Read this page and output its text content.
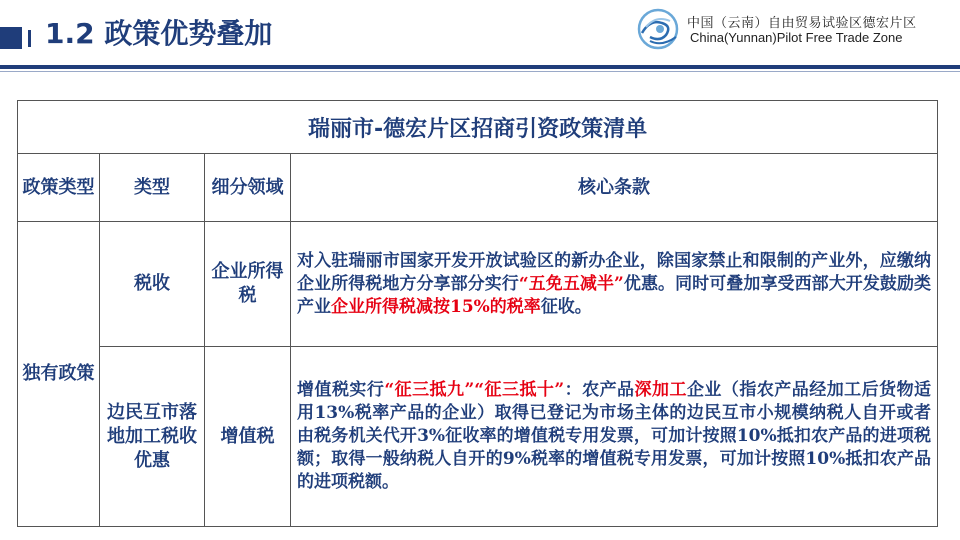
1.2 政策优势叠加	中国（云南）自由贸易试验区德宏片区
China(Yunnan)Pilot Free Trade Zone
瑞丽市-德宏片区招商引资政策清单			
政策类型	类型	细分领域	核心条款
独有政策	税收	企业所得税	对入驻瑞丽市国家开发开放试验区的新办企业，除国家禁止和限制的产业外，应缴纳企业所得税地方分享部分实行“五免五减半”优惠。同时可叠加享受西部大开发鼓励类产业企业所得税减按15%的税率征收。
	边民互市落地加工税收优惠	增值税	增值税实行“征三抵九”“征三抵十”：农产品深加工企业（指农产品经加工后货物适用13%税率产品的企业）取得已登记为市场主体的边民互市小规模纳税人自开或者由税务机关代开3%征收率的增值税专用发票，可加计按照10%抵扣农产品的进项税额；取得一般纳税人自开的9%税率的增值税专用发票，可加计按照10%抵扣农产品的进项税额。
